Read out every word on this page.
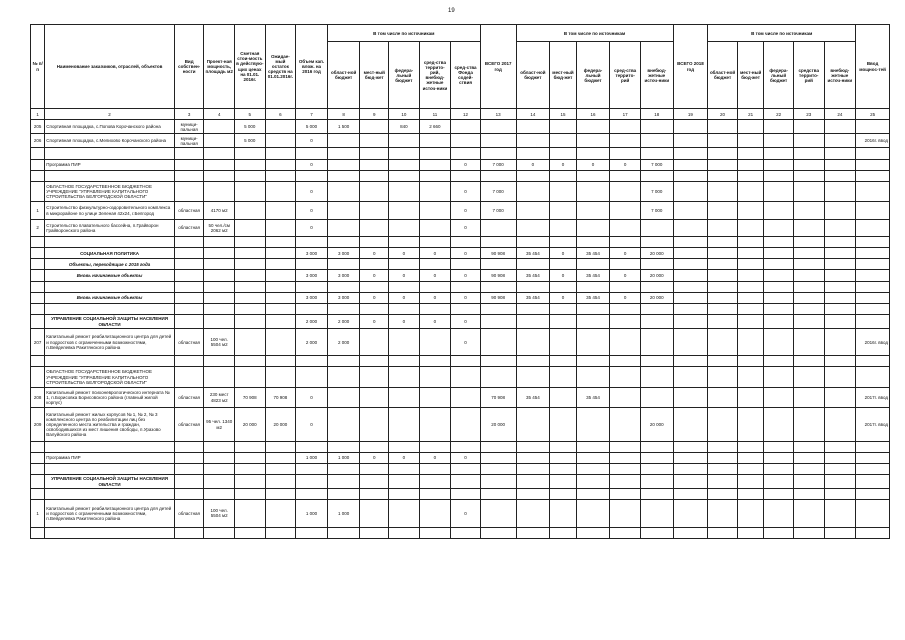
19
№ п/п	Наименование заказчиков, отраслей, объектов	Вид собствен-ности	Проект-ная мощность, площадь м2	Сметная стои-мость в действую-щих ценах на 01.01. 2016г.	Ожидае-мый остаток средств на 01.01.2016г.	Объем кап. влож. на 2016 год	В том числе по источникам					ВСЕГО 2017 год	В том числе по источникам					ВСЕГО 2018 год	В том числе по источникам					Ввод мощнос-тей
							област-ной бюджет	мест-ный бюд-жет	федера-льный бюджет	сред-ства террито-рий, внебюд-жетные источ-ники	сред-ства Фонда содей-ствия		област-ной бюджет	мест-ный бюд-жет	федера-льный бюджет	сред-ства террито-рий	внебюд-жетные источ-ники		област-ной бюджет	мест-ный бюд-жет	федера-льный бюджет	средства террито-рий	внебюд-жетные источ-ники	
1	2	3	4	5	6	7	8	9	10	11	12	13	14	15	16	17	18	19	20	21	22	23	24	25
205	Спортивная площадка, с.Попова Корочанского района	муници-пальная		5 000		5 000	1 500		840	2 660														
206	Спортивная площадка, с.Мелихово Корочанского района	муници-пальная		5 000		0																		2016г. ввод

	Программа ПИР					0					0	7 000	0	0	0	0	7 000							

	ОБЛАСТНОЕ ГОСУДАРСТВЕННОЕ БЮДЖЕТНОЕ УЧРЕЖДЕНИЕ "УПРАВЛЕНИЕ КАПИТАЛЬНОГО СТРОИТЕЛЬСТВА БЕЛГОРОДСКОЙ ОБЛАСТИ"					0					0	7 000					7 000							
1	Строительство физкультурно-оздоровительного комплекса в микрорайоне по улице Зеленая 42х24, г.Белгород	областная	4170 м2			0					0	7 000					7 000							
2	Строительство плавательного бассейна, п.Грайворон Грайворонского района	областная	50 чел./см 2062 м2			0					0													

	СОЦИАЛЬНАЯ ПОЛИТИКА					3 000	3 000	0	0	0	0	90 908	35 454	0	35 454	0	20 000							
	Объекты, переходящие с 2015 года																							
	Вновь начинаемые объекты					3 000	3 000	0	0	0	0	90 908	35 454	0	35 454	0	20 000							

	Вновь начинаемые объекты					3 000	3 000	0	0	0	0	90 908	35 454	0	35 454	0	20 000							

	УПРАВЛЕНИЕ СОЦИАЛЬНОЙ ЗАЩИТЫ НАСЕЛЕНИЯ ОБЛАСТИ					2 000	2 000	0	0	0	0													
207	Капитальный ремонт реабилитационного центра для детей и подростков с ограниченными возможностями, п.Вейделевка Ракитянского района	областная	100 чел. 5504 м2			2 000	2 000				0													2016г. ввод

	ОБЛАСТНОЕ ГОСУДАРСТВЕННОЕ БЮДЖЕТНОЕ УЧРЕЖДЕНИЕ "УПРАВЛЕНИЕ КАПИТАЛЬНОГО СТРОИТЕЛЬСТВА БЕЛГОРОДСКОЙ ОБЛАСТИ"																							
208	Капитальный ремонт психоневрологического интерната № 1, п.Борисовка Борисовского района (главный жилой корпус)	областная	230 мест 4823 м2	70 908	70 908	0						70 908	35 454		35 454									2017г. ввод
209	Капитальный ремонт жилых корпусов № 1, № 2, № 3 комплексного центра по реабилитации лиц без определенного места жительства и граждан, освободившихся из мест лишения свободы, п.Уразово Валуйского района	областная	95 чел. 1340 м2	20 000	20 000	0						20 000					20 000							2017г. ввод

	Программа ПИР					1 000	1 000	0	0	0	0													

	УПРАВЛЕНИЕ СОЦИАЛЬНОЙ ЗАЩИТЫ НАСЕЛЕНИЯ ОБЛАСТИ																							

1	Капитальный ремонт реабилитационного центра для детей и подростков с ограниченными возможностями, п.Вейделевка Ракитянского района	областная	100 чел. 5504 м2			1 000	1 000				0													
